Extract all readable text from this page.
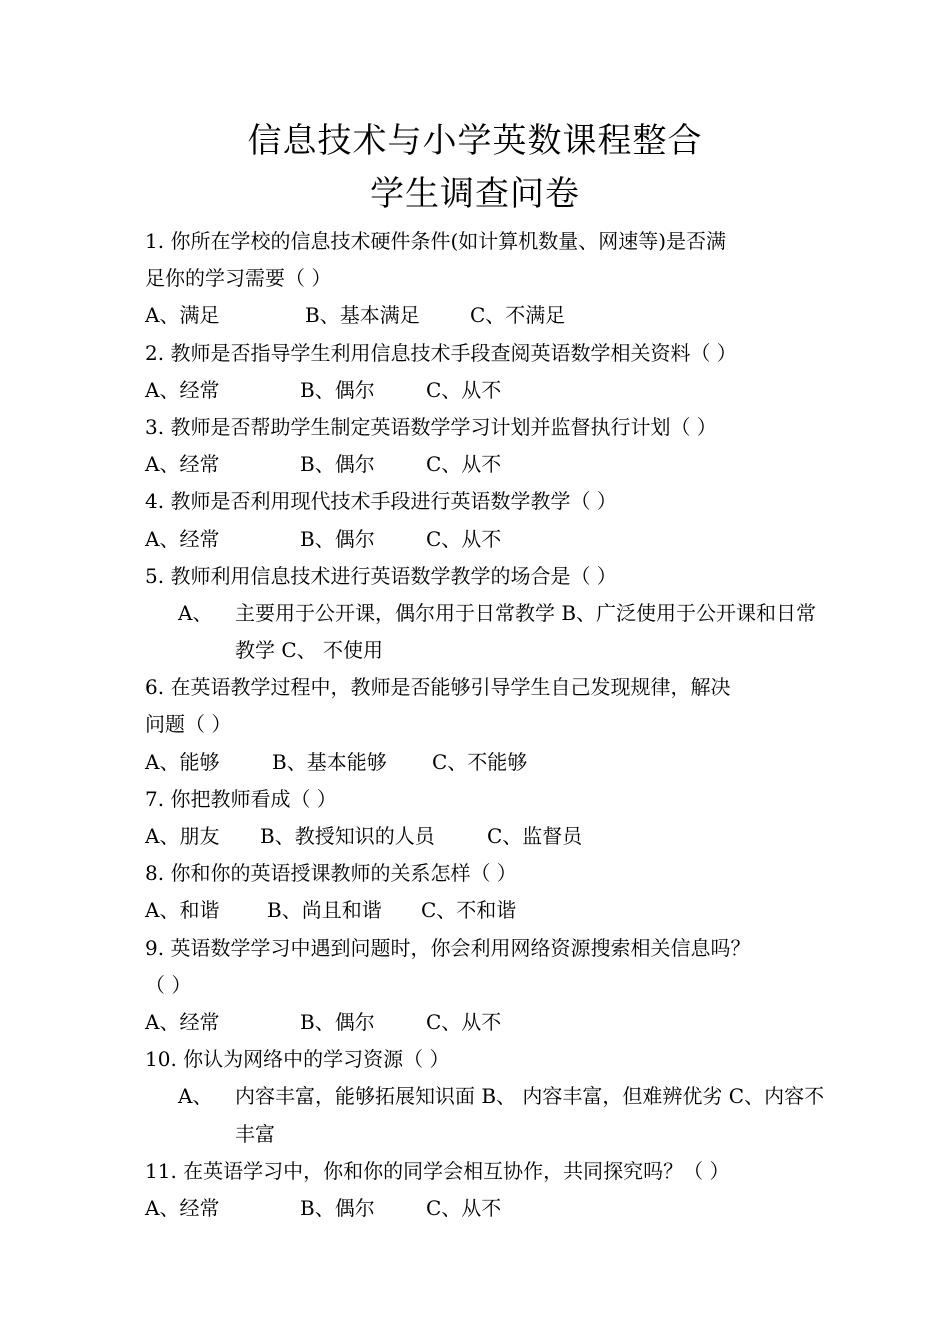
信息技术与小学英数课程整合
学生调查问卷
1. 你所在学校的信息技术硬件条件(如计算机数量、网速等)是否满
足你的学习需要（ ）
A、满足	B、基本满足	C、不满足
2. 教师是否指导学生利用信息技术手段查阅英语数学相关资料（ ）
A、经常	B、偶尔	C、从不
3. 教师是否帮助学生制定英语数学学习计划并监督执行计划（ ）
A、经常	B、偶尔	C、从不
4. 教师是否利用现代技术手段进行英语数学教学（ ）
A、经常	B、偶尔	C、从不
5. 教师利用信息技术进行英语数学教学的场合是（ ）
A、	主要用于公开课，偶尔用于日常教学 B、广泛使用于公开课和日常教学 C、 不使用
6. 在英语教学过程中，教师是否能够引导学生自己发现规律，解决
问题（ ）
A、能够	B、基本能够 C、不能够
7. 你把教师看成（ ）
A、朋友 B、教授知识的人员	C、监督员
8. 你和你的英语授课教师的关系怎样（ ）
A、和谐 B、尚且和谐 C、不和谐
9. 英语数学学习中遇到问题时，你会利用网络资源搜索相关信息吗？
（ ）
A、经常	B、偶尔	C、从不
10. 你认为网络中的学习资源（ ）
A、	内容丰富，能够拓展知识面 B、 内容丰富，但难辨优劣 C、内容不丰富
11. 在英语学习中，你和你的同学会相互协作，共同探究吗？（ ）
A、经常	B、偶尔	C、从不
